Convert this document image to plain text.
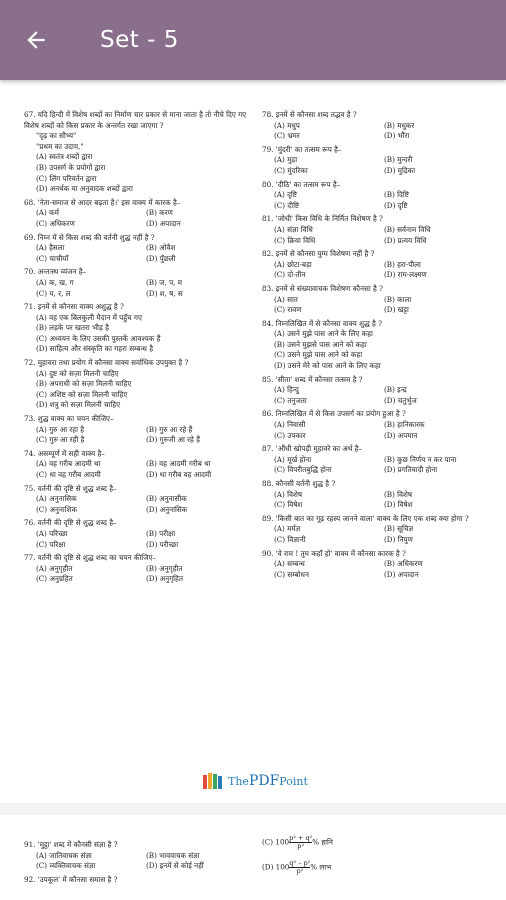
Set - 5
67. यदि हिन्दी में विशेष शब्दों का निर्माण चार प्रकार से माना जाता है तो नीचे दिए गए विशेष शब्दों को किस प्रकार के अन्तर्गत रखा जाएगा ?
"दृढ़ का सौभ्य"
"प्रथम का उदाय,"
(A) स्वतंत्र शब्दों द्वारा
(B) उपसर्ग के प्रयोगों द्वारा
(C) लिंग परिवर्तन द्वारा
(D) अनर्थक या अनुवादक शब्दों द्वारा
68. 'नेता-समाज से आदर बढ़ता है।' इस वाक्य में कारक है–
(A) कर्म	(B) करण
(C) अधिकरण	(D) अपादान
69. निम्न में से किस शब्द की वर्तनी शुद्ध नहीं है ?
(A) हैसला	(B) ओवैश
(C) चाचीयाँ	(D) पुँछली
70. अन्तःस्थ व्यंजन है–
(A) क, ख, ग	(B) ज, प, म
(C) य, र, ल	(D) श, ष, स
71. इनमें से कौनसा वाक्य अशुद्ध है ?
(A) वह एक बिलकुली मैदान में पहुँच गए
(B) लड़के पर खतरा भीड़ है
(C) अध्ययन के लिए उसकी पुस्तकें आवश्यक हैं
(D) साहित्य और संस्कृति का गहरा सम्बन्ध है
72. मुहावरा तथा प्रयोग में कौनसा वाक्य सर्वाधिक उपयुक्त है ?
(A) दुष्ट को सज़ा मिलनी चाहिए
(B) अपराधी को सज़ा मिलनी चाहिए
(C) अशिष्ट को सज़ा मिलनी चाहिए
(D) शत्रु को सज़ा मिलनी चाहिए
73. शुद्ध वाक्य का चयन कीजिए–
(A) गुरु आ रहा है	(B) गुरु आ रहे हैं
(C) गुरु आ रही है	(D) गुरुजी आ रहे हैं
74. असम्पूर्ण में सही वाक्य है–
(A) वह गरीब आदमी था	(B) वह आदमी गरीब था
(C) था वह गरीब आदमी	(D) था गरीब वह आदमी
75. वर्तनी की दृष्टि से शुद्ध शब्द है–
(A) अनुनासिक	(B) अनुनासीक
(C) अनुनाशिक	(D) अनुनासिक
76. वर्तनी की दृष्टि से शुद्ध शब्द है–
(A) परिच्छा	(B) परीक्षा
(C) परिक्षा	(D) परीच्छा
77. वर्तनी की दृष्टि से शुद्ध शब्द का चयन कीजिए–
(A) अनुगृहीत	(B) अनुगृहीत
(C) अनुग्रहित	(D) अनुगृहित
78. इनमें से कौनसा शब्द तद्भव है ?
(A) मधुप	(B) मधुकर
(C) भ्रमर	(D) भौंरा
79. 'मुंदरी' का तत्सम रूप है–
(A) मुद्रा	(B) मुन्दरी
(C) मुंदरिका	(D) मुद्रिका
80. 'दीठि' का तत्सम रूप है–
(A) दृष्टि	(B) दिष्टि
(C) दीष्टि	(D) दृष्टि
81. 'जोधी' किस विधि के निर्मित विशेषण है ?
(A) संज्ञा विधि	(B) सर्वनाम विधि
(C) क्रिया विधि	(D) प्रत्यय विधि
82. इनमें से कौनसा युग्म विशेषण नहीं है ?
(A) छोटा-बड़ा	(B) हरा-पीला
(C) दो-तीन	(D) राम-लक्ष्मण
83. इनमें से संख्यावाचक विशेषण कौनसा है ?
(A) सात	(B) काला
(C) रावण	(D) खट्टा
84. निम्नलिखित में से कौनसा वाक्य शुद्ध है ?
(A) उसने मुझे पास आने के लिए कहा
(B) उसने मुझसे पास आने को कहा
(C) उसने मुझे पास आने को कहा
(D) उसने मेरे को पास आने के लिए कहा
85. 'सीता' शब्द में कौनसा तत्सम है ?
(A) हिन्दु	(B) इन्द्र
(C) तनुजता	(D) चतुर्भुज
86. निम्नलिखित में से किस उपसर्ग का प्रयोग हुआ है ?
(A) निवासी	(B) हानिकारक
(C) उपकार	(D) अपमान
87. 'औंधी खोपड़ी मुहावरे का अर्थ है–
(A) मूर्ख होना	(B) कुछ निर्णय न कर पाना
(C) विपरीतबुद्धि होना	(D) प्रगतिवादी होना
88. कौनसी वर्तनी शुद्ध है ?
(A) विशेष	(B) विशेष
(C) विषेश	(D) विषेश
89. 'किसी बात का गूढ़ रहस्य जानने वाला' वाक्य के लिए एक शब्द क्या होगा ?
(A) मर्मज्ञ	(B) सूचिज्ञ
(C) विज्ञानी	(D) निपुण
90. 'वे राम ! तुम कहाँ हो' वाक्य में कौनसा कारक है ?
(A) सम्बन्ध	(B) अधिकरण
(C) सम्बोधन	(D) अपादान
ThePDFPoint
91. 'मुट्ठा' शब्द में कौनसी संज्ञा है ?
(A) जातिवाचक संज्ञा	(B) भाववाचक संज्ञा
(C) व्यक्तिवाचक संज्ञा	(D) इनमें से कोई नहीं
92. 'उपकूल' में कौनसा समास है ?
(C) $100 \frac{\text{p² + q²}}{\text{p²}}$ % हानि
(D) $100 \frac{\text{q² – p²}}{\text{p²}}$ % लाभ
